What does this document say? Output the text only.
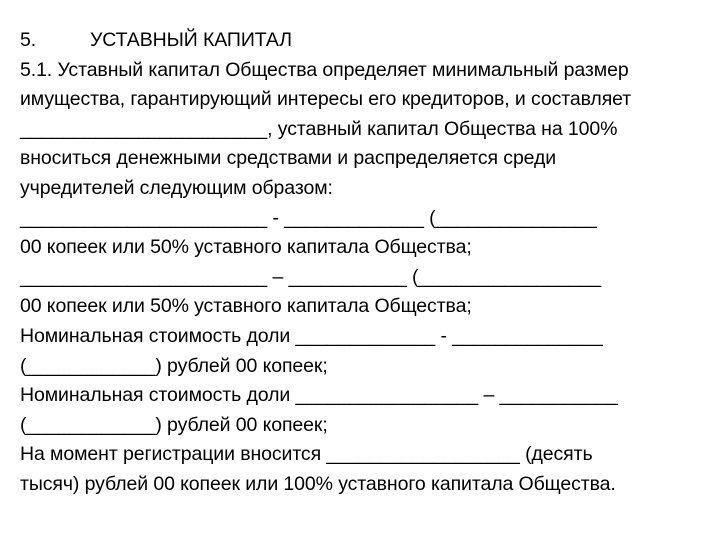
5.	УСТАВНЫЙ КАПИТАЛ
5.1. Уставный капитал Общества определяет минимальный размер
имущества, гарантирующий интересы его кредиторов, и составляет
_______________________, уставный капитал Общества на 100%
вноситься денежными средствами и распределяется среди
учредителей следующим образом:
_______________________ - _____________ (_______________
00 копеек или 50% уставного капитала Общества;
_______________________ – ___________ (_________________
00 копеек или 50% уставного капитала Общества;
Номинальная стоимость доли _____________ - ______________
(____________) рублей 00 копеек;
Номинальная стоимость доли _________________ – ___________
(____________) рублей 00 копеек;
На момент регистрации вносится __________________ (десять
тысяч) рублей 00 копеек или 100% уставного капитала Общества.
